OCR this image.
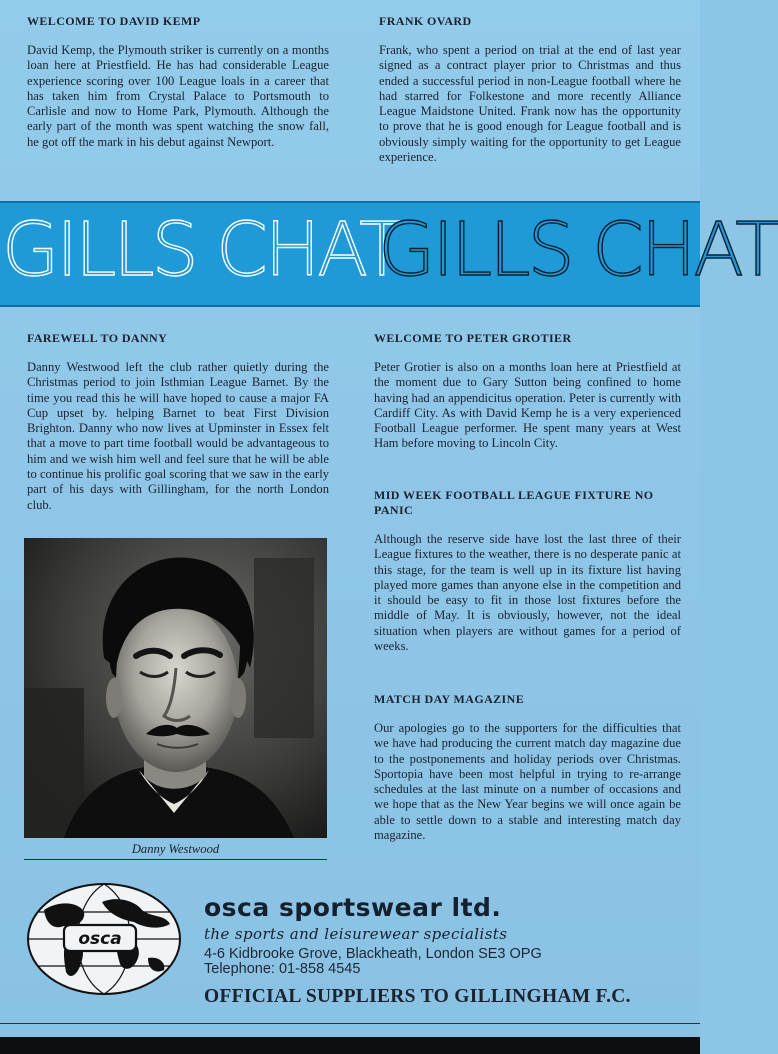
WELCOME TO DAVID KEMP

David Kemp, the Plymouth striker is currently on a months loan here at Priestfield. He has had considerable League experience scoring over 100 League loals in a career that has taken him from Crystal Palace to Portsmouth to Carlisle and now to Home Park, Plymouth. Although the early part of the month was spent watching the snow fall, he got off the mark in his debut against Newport.

FRANK OVARD

Frank, who spent a period on trial at the end of last year signed as a contract player prior to Christmas and thus ended a successful period in non-League football where he had starred for Folkestone and more recently Alliance League Maidstone United. Frank now has the opportunity to prove that he is good enough for League football and is obviously simply waiting for the opportunity to get League experience.

GILLS CHAT
GILLS CHAT
FAREWELL TO DANNY

Danny Westwood left the club rather quietly during the Christmas period to join Isthmian League Barnet. By the time you read this he will have hoped to cause a major FA Cup upset by. helping Barnet to beat First Division Brighton. Danny who now lives at Upminster in Essex felt that a move to part time football would be advantageous to him and we wish him well and feel sure that he will be able to continue his prolific goal scoring that we saw in the early part of his days with Gillingham, for the north London club.

Danny Westwood
WELCOME TO PETER GROTIER

Peter Grotier is also on a months loan here at Priestfield at the moment due to Gary Sutton being confined to home having had an appendicitus operation. Peter is currently with Cardiff City. As with David Kemp he is a very experienced Football League performer. He spent many years at West Ham before moving to Lincoln City.

MID WEEK FOOTBALL LEAGUE FIXTURE NO PANIC

Although the reserve side have lost the last three of their League fixtures to the weather, there is no desperate panic at this stage, for the team is well up in its fixture list having played more games than anyone else in the competition and it should be easy to fit in those lost fixtures before the middle of May. It is obviously, however, not the ideal situation when players are without games for a period of weeks.

MATCH DAY MAGAZINE

Our apologies go to the supporters for the difficulties that we have had producing the current match day magazine due to the postponements and holiday periods over Christmas. Sportopia have been most helpful in trying to re-arrange schedules at the last minute on a number of occasions and we hope that as the New Year begins we will once again be able to settle down to a stable and interesting match day magazine.

osca
osca sportswear ltd.
the sports and leisurewear specialists
4-6 Kidbrooke Grove, Blackheath, London SE3 OPG
Telephone: 01-858 4545
OFFICIAL SUPPLIERS TO GILLINGHAM F.C.
